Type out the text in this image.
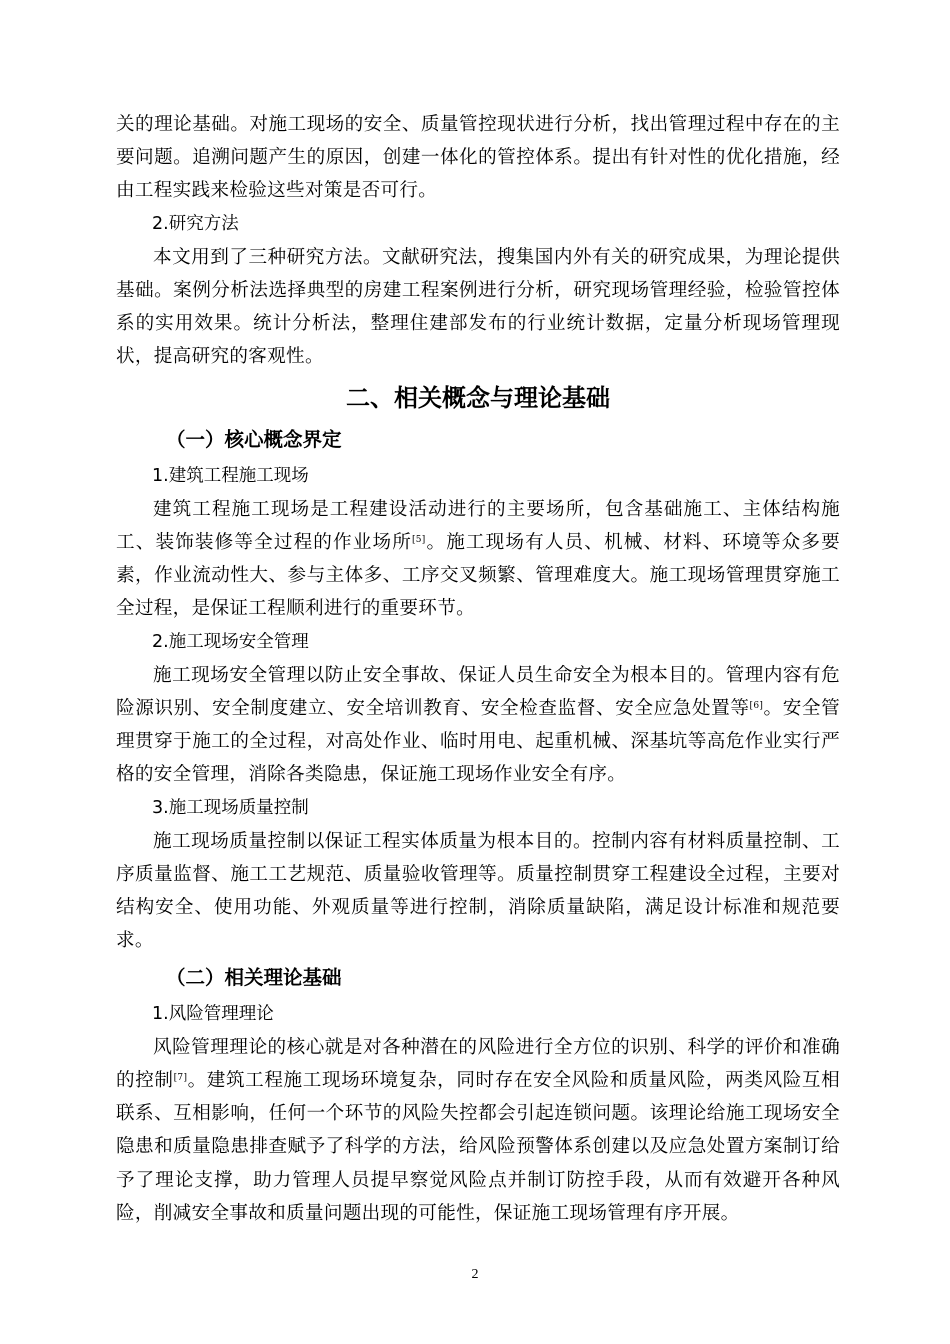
关的理论基础。对施工现场的安全、质量管控现状进行分析，找出管理过程中存在的主要问题。追溯问题产生的原因，创建一体化的管控体系。提出有针对性的优化措施，经由工程实践来检验这些对策是否可行。

2.研究方法

本文用到了三种研究方法。文献研究法，搜集国内外有关的研究成果，为理论提供基础。案例分析法选择典型的房建工程案例进行分析，研究现场管理经验，检验管控体系的实用效果。统计分析法，整理住建部发布的行业统计数据，定量分析现场管理现状，提高研究的客观性。

二、相关概念与理论基础
（一）核心概念界定
1.建筑工程施工现场

建筑工程施工现场是工程建设活动进行的主要场所，包含基础施工、主体结构施工、装饰装修等全过程的作业场所[5]。施工现场有人员、机械、材料、环境等众多要素，作业流动性大、参与主体多、工序交叉频繁、管理难度大。施工现场管理贯穿施工全过程，是保证工程顺利进行的重要环节。

2.施工现场安全管理

施工现场安全管理以防止安全事故、保证人员生命安全为根本目的。管理内容有危险源识别、安全制度建立、安全培训教育、安全检查监督、安全应急处置等[6]。安全管理贯穿于施工的全过程，对高处作业、临时用电、起重机械、深基坑等高危作业实行严格的安全管理，消除各类隐患，保证施工现场作业安全有序。

3.施工现场质量控制

施工现场质量控制以保证工程实体质量为根本目的。控制内容有材料质量控制、工序质量监督、施工工艺规范、质量验收管理等。质量控制贯穿工程建设全过程，主要对结构安全、使用功能、外观质量等进行控制，消除质量缺陷，满足设计标准和规范要求。

（二）相关理论基础
1.风险管理理论

风险管理理论的核心就是对各种潜在的风险进行全方位的识别、科学的评价和准确的控制[7]。建筑工程施工现场环境复杂，同时存在安全风险和质量风险，两类风险互相联系、互相影响，任何一个环节的风险失控都会引起连锁问题。该理论给施工现场安全隐患和质量隐患排查赋予了科学的方法，给风险预警体系创建以及应急处置方案制订给予了理论支撑，助力管理人员提早察觉风险点并制订防控手段，从而有效避开各种风险，削减安全事故和质量问题出现的可能性，保证施工现场管理有序开展。

2
